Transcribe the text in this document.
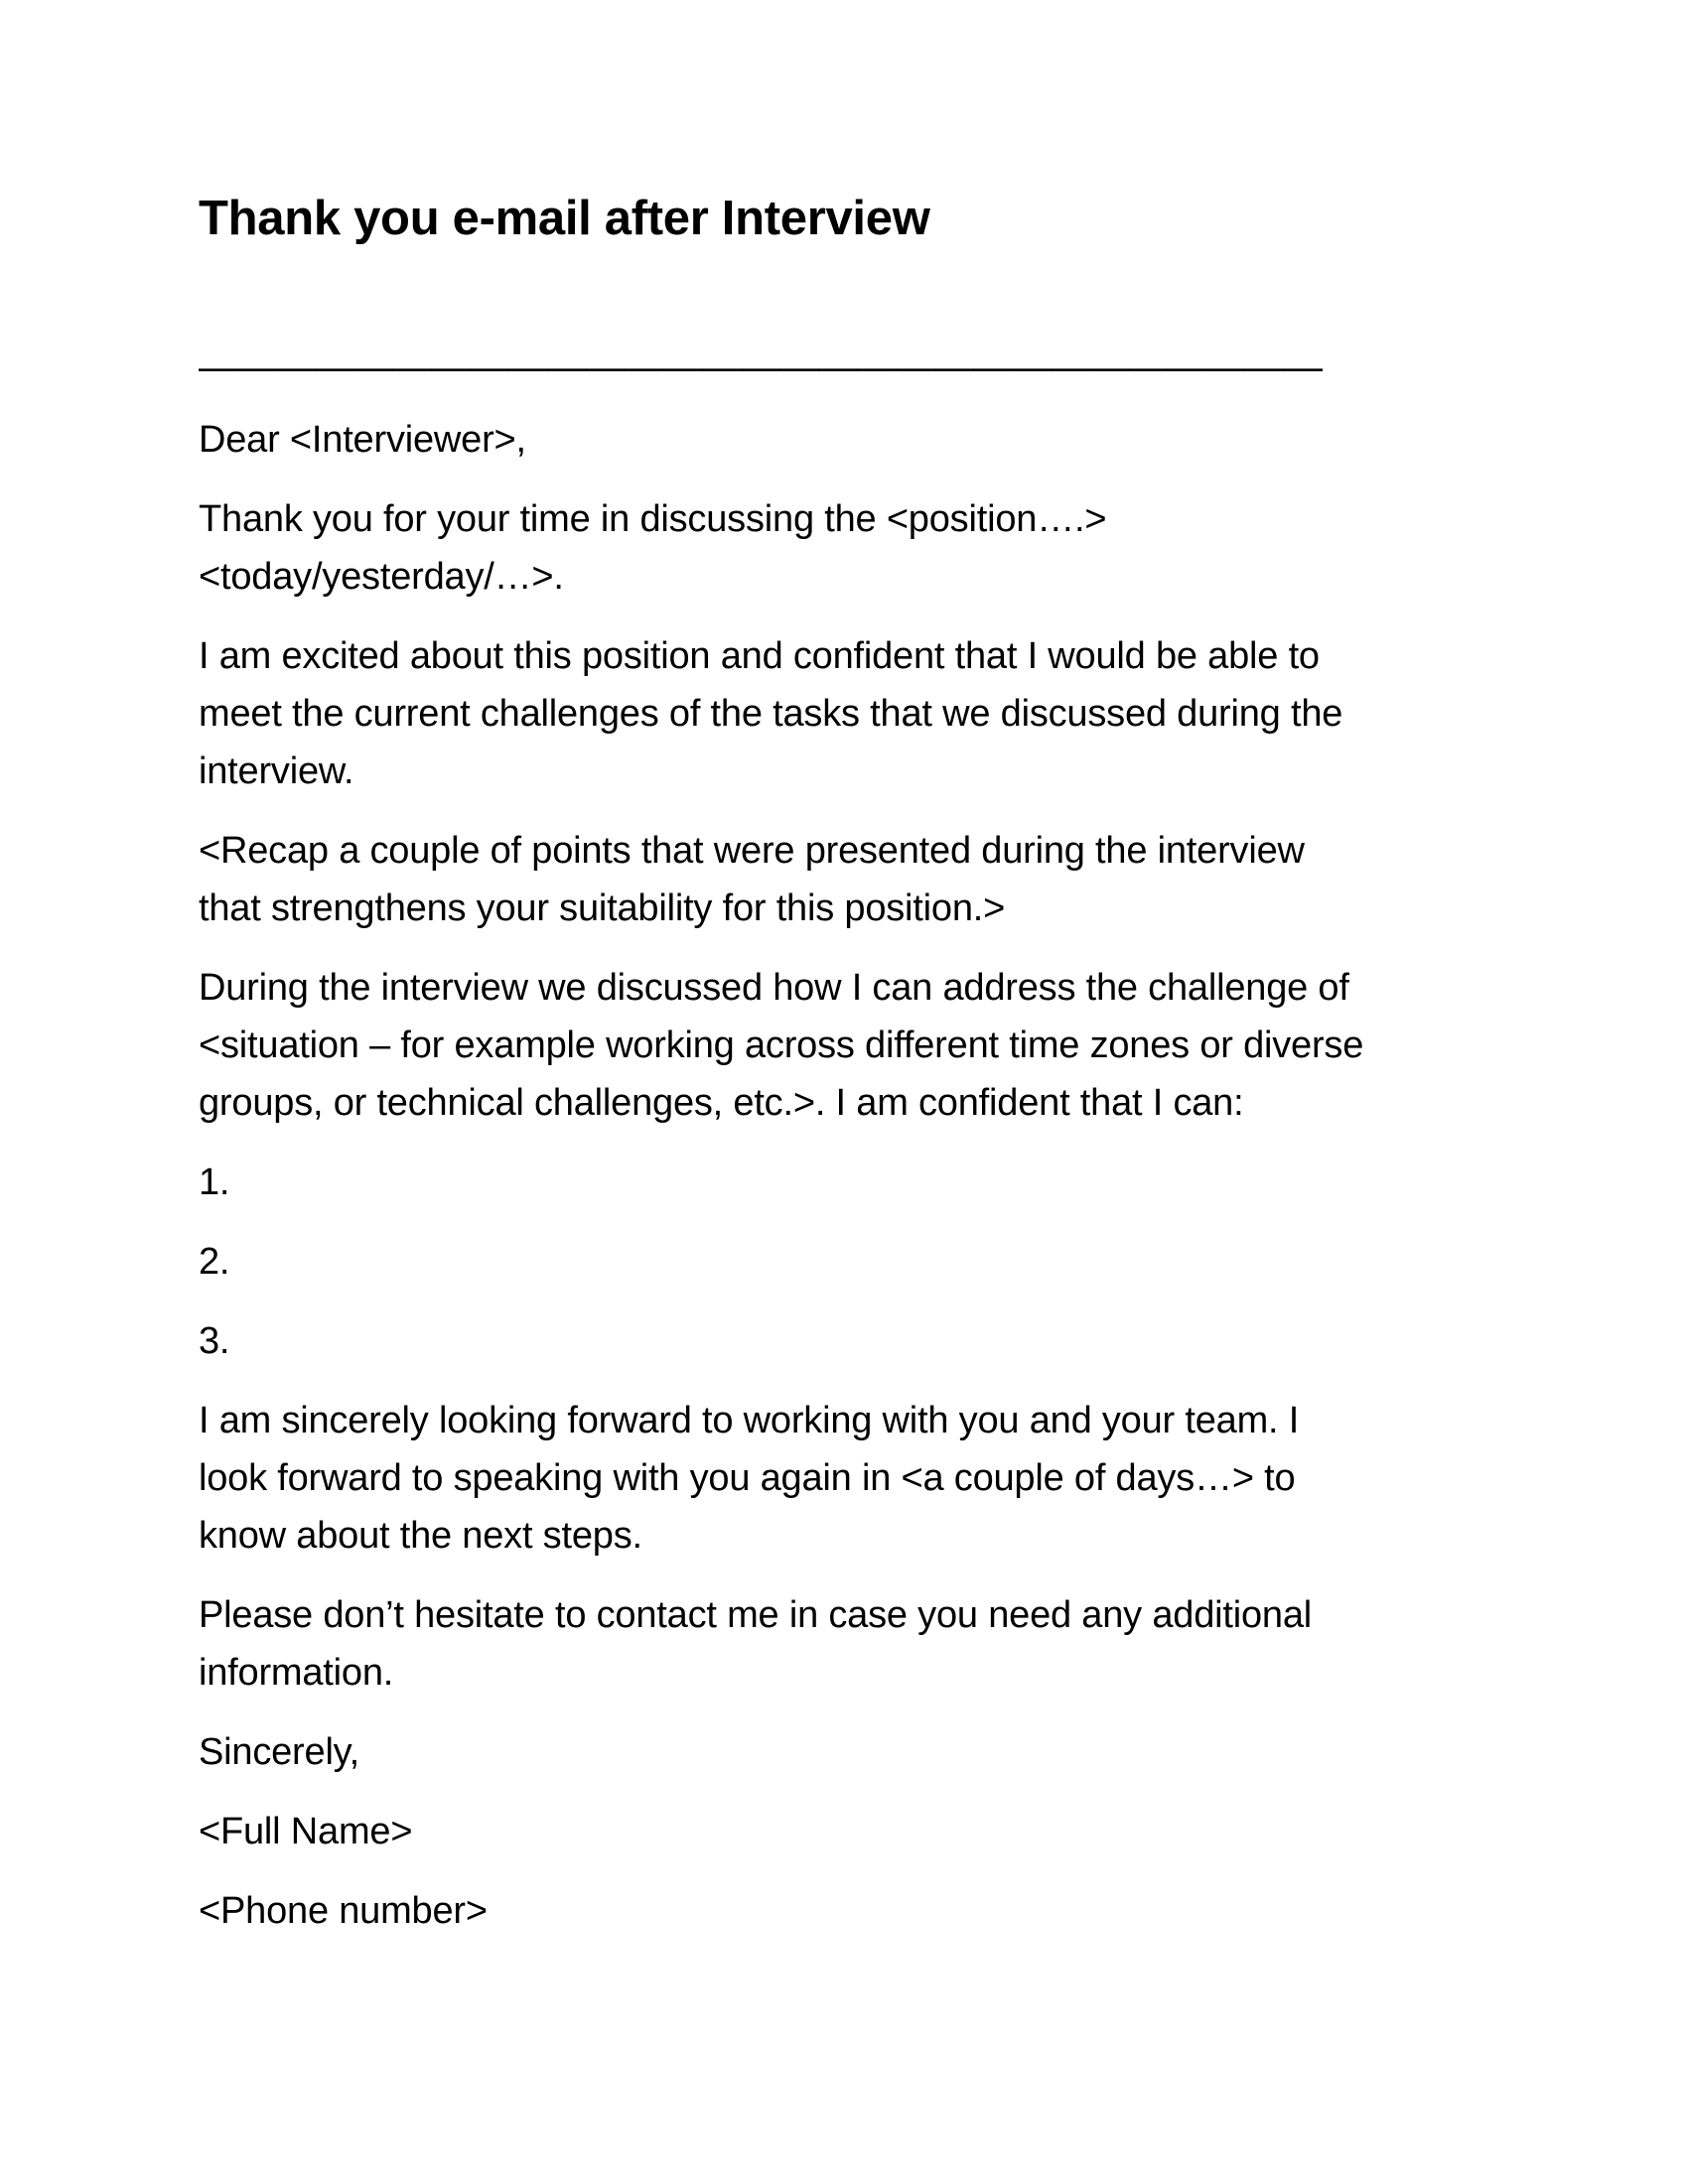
Thank you e-mail after Interview
—————————————————————————————

Dear <Interviewer>,

Thank you for your time in discussing the <position….>
<today/yesterday/…>.

I am excited about this position and confident that I would be able to
meet the current challenges of the tasks that we discussed during the
interview.

<Recap a couple of points that were presented during the interview
that strengthens your suitability for this position.>

During the interview we discussed how I can address the challenge of
<situation – for example working across different time zones or diverse
groups, or technical challenges, etc.>. I am confident that I can:

1.

2.

3.

I am sincerely looking forward to working with you and your team. I
look forward to speaking with you again in <a couple of days…> to
know about the next steps.

Please don’t hesitate to contact me in case you need any additional
information.

Sincerely,

<Full Name>

<Phone number>
